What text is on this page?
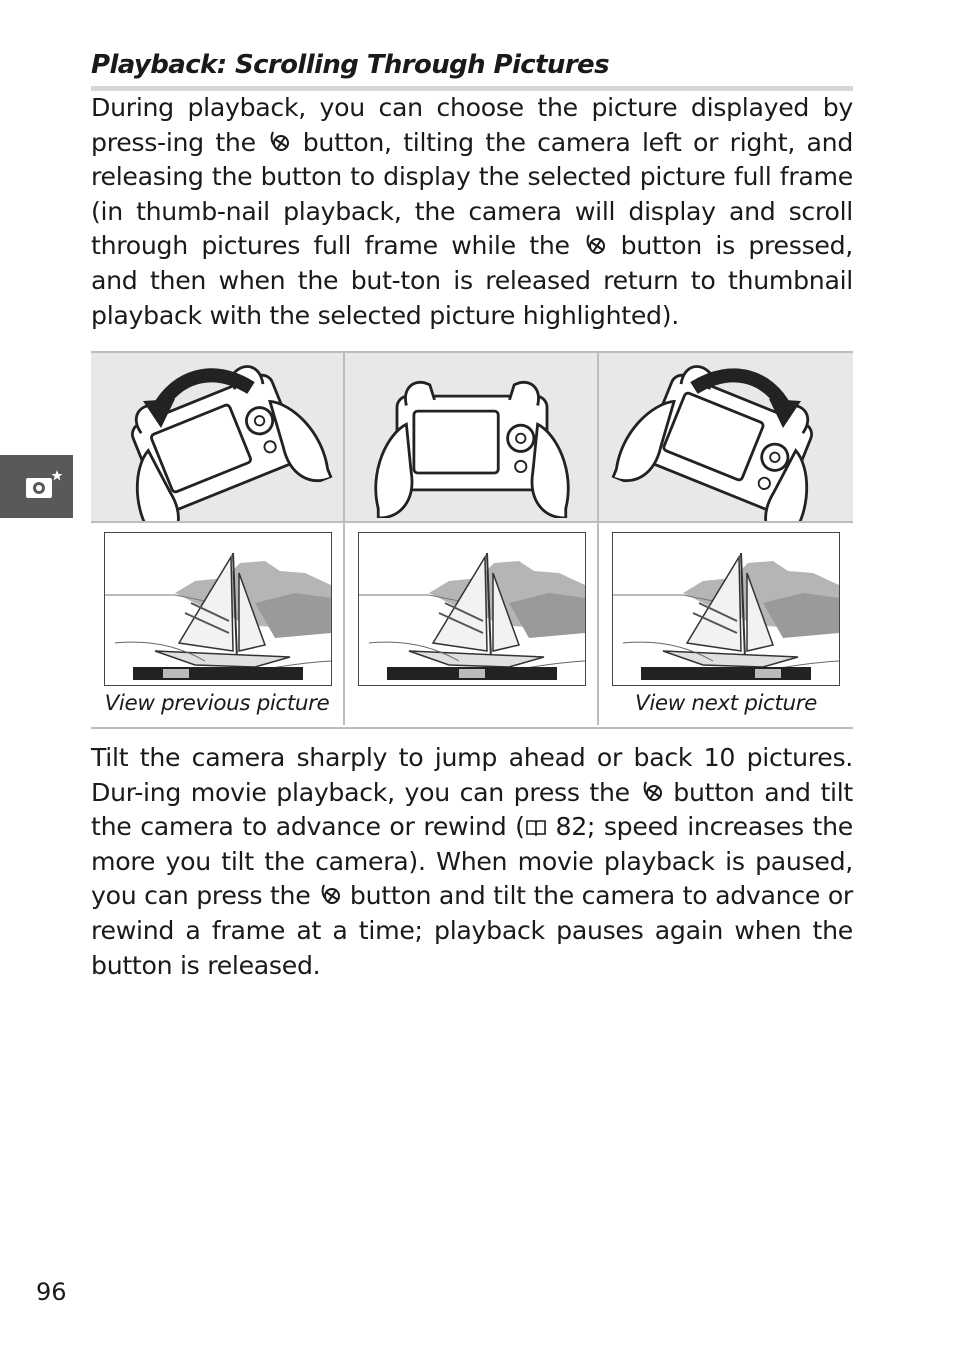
Playback: Scrolling Through Pictures

During playback, you can choose the picture displayed by press-ing the  button, tilting the camera left or right, and releasing the button to display the selected picture full frame (in thumb-nail playback, the camera will display and scroll through pictures full frame while the  button is pressed, and then when the but-ton is released return to thumbnail playback with the selected picture highlighted).

View previous picture	View next picture

Tilt the camera sharply to jump ahead or back 10 pictures. Dur-ing movie playback, you can press the  button and tilt the camera to advance or rewind ( 82; speed increases the more you tilt the camera). When movie playback is paused, you can press the  button and tilt the camera to advance or rewind a frame at a time; playback pauses again when the button is released.

96
